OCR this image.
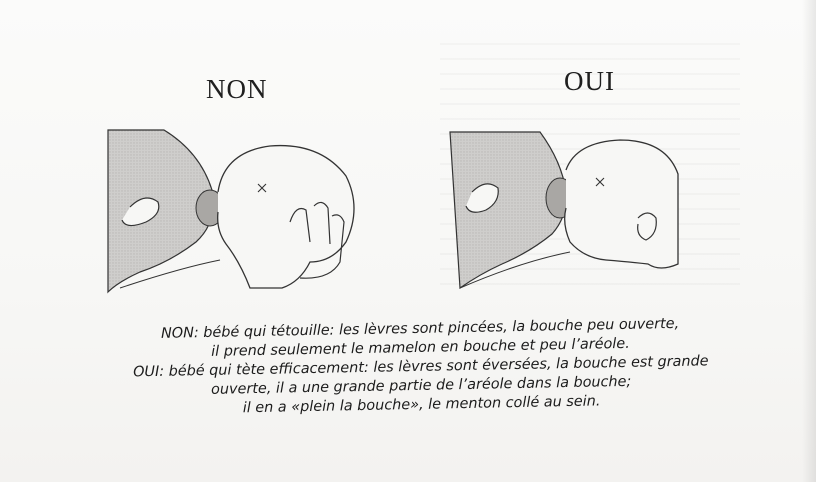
NON	OUI

NON: bébé qui tétouille: les lèvres sont pincées, la bouche peu ouverte,
il prend seulement le mamelon en bouche et peu l’aréole.
OUI: bébé qui tète efficacement: les lèvres sont éversées, la bouche est grande
ouverte, il a une grande partie de l’aréole dans la bouche;
il en a «plein la bouche», le menton collé au sein.
